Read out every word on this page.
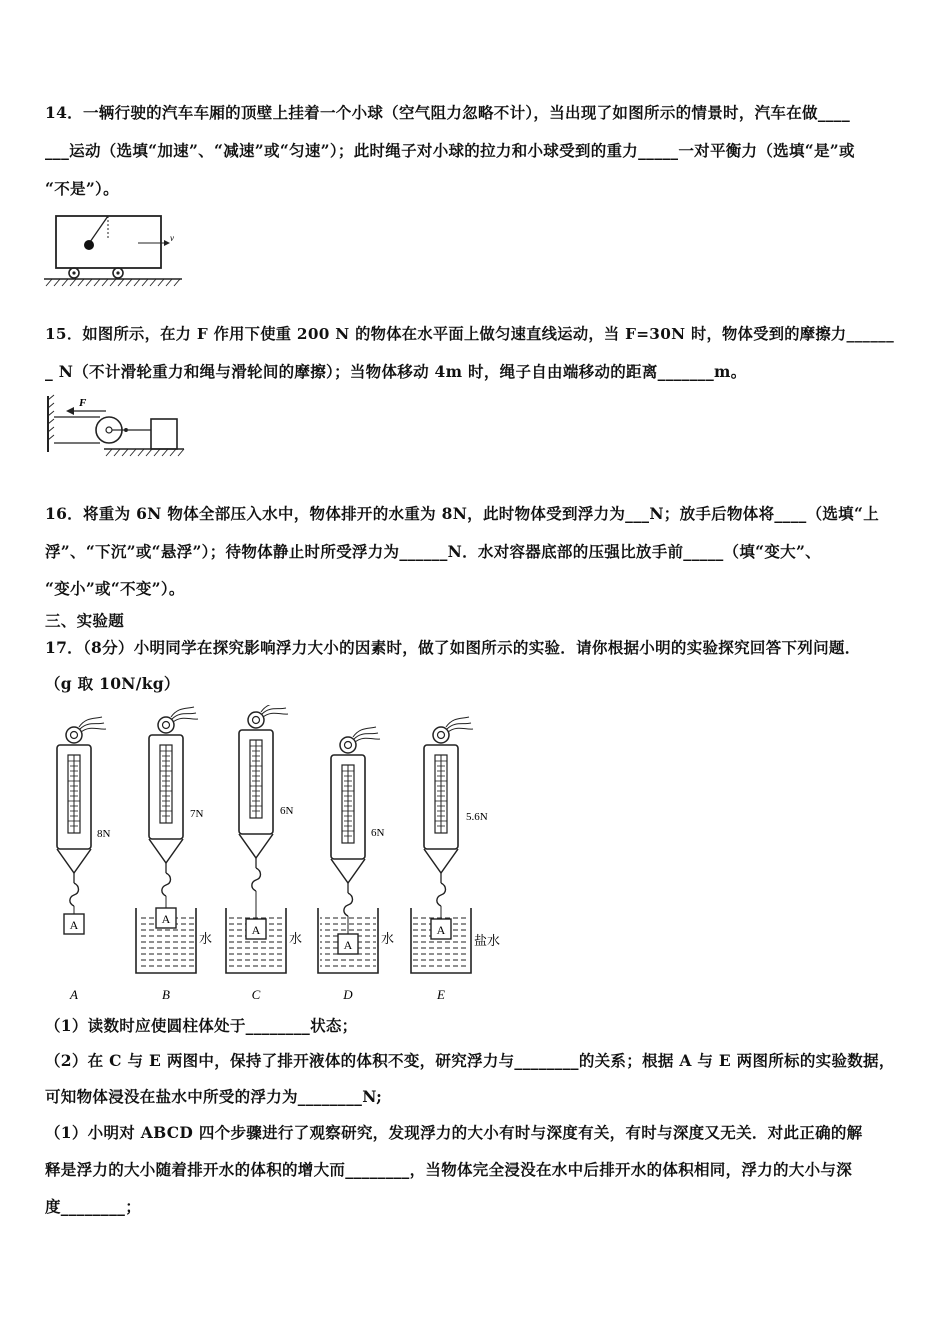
14．一辆行驶的汽车车厢的顶壁上挂着一个小球（空气阻力忽略不计），当出现了如图所示的情景时，汽车在做____
___运动（选填“加速”、“减速”或“匀速”）；此时绳子对小球的拉力和小球受到的重力_____一对平衡力（选填“是”或
“不是”）。
v
15．如图所示，在力 F 作用下使重 200 N 的物体在水平面上做匀速直线运动，当 F=30N 时，物体受到的摩擦力______
_ N（不计滑轮重力和绳与滑轮间的摩擦）；当物体移动 4m 时，绳子自由端移动的距离_______m。
F
16．将重为 6N 物体全部压入水中，物体排开的水重为 8N，此时物体受到浮力为___N；放手后物体将____（选填“上
浮”、“下沉”或“悬浮”）；待物体静止时所受浮力为______N．水对容器底部的压强比放手前_____（填“变大”、
“变小”或“不变”）。
三、实验题
17．（8分）小明同学在探究影响浮力大小的因素时，做了如图所示的实验．请你根据小明的实验探究回答下列问题．
（g 取 10N/kg）
A	A
A
A
A
8N
7N	6N
6N
5.6N
水	水	水	盐水
A	B	C	D	E
（1）读数时应使圆柱体处于________状态；
（2）在 C 与 E 两图中，保持了排开液体的体积不变，研究浮力与________的关系；根据 A 与 E 两图所标的实验数据，
可知物体浸没在盐水中所受的浮力为________N;
（1）小明对 ABCD 四个步骤进行了观察研究，发现浮力的大小有时与深度有关，有时与深度又无关．对此正确的解
释是浮力的大小随着排开水的体积的增大而________，当物体完全浸没在水中后排开水的体积相同，浮力的大小与深
度________；
